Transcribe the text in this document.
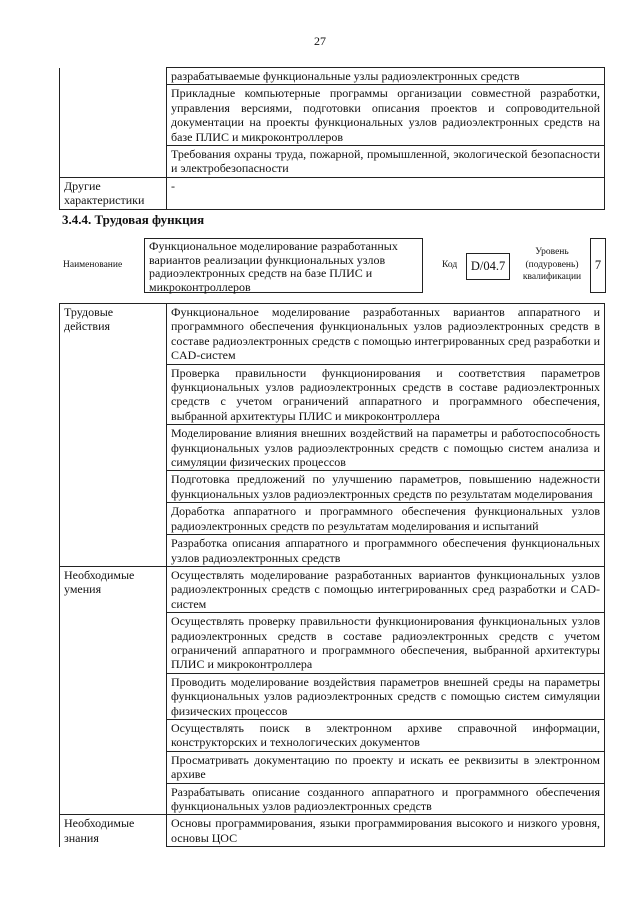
27
	разрабатываемые функциональные узлы радиоэлектронных средств
	Прикладные компьютерные программы организации совместной разработки, управления версиями, подготовки описания проектов и сопроводительной документации на проекты функциональных узлов радиоэлектронных средств на базе ПЛИС и микроконтроллеров
	Требования охраны труда, пожарной, промышленной, экологической безопасности и электробезопасности
Другие характеристики	-
3.4.4. Трудовая функция
Наименование
Функциональное моделирование разработанных вариантов реализации функциональных узлов радиоэлектронных средств на базе ПЛИС и микроконтроллеров
Код	D/04.7
Уровень (подуровень) квалификации
7
Трудовые действия	Функциональное моделирование разработанных вариантов аппаратного и программного обеспечения функциональных узлов радиоэлектронных средств в составе радиоэлектронных средств с помощью интегрированных сред разработки и CAD-систем
	Проверка правильности функционирования и соответствия параметров функциональных узлов радиоэлектронных средств в составе радиоэлектронных средств с учетом ограничений аппаратного и программного обеспечения, выбранной архитектуры ПЛИС и микроконтроллера
	Моделирование влияния внешних воздействий на параметры и работоспособность функциональных узлов радиоэлектронных средств с помощью систем анализа и симуляции физических процессов
	Подготовка предложений по улучшению параметров, повышению надежности функциональных узлов радиоэлектронных средств по результатам моделирования
	Доработка аппаратного и программного обеспечения функциональных узлов радиоэлектронных средств по результатам моделирования и испытаний
	Разработка описания аппаратного и программного обеспечения функциональных узлов радиоэлектронных средств
Необходимые умения	Осуществлять моделирование разработанных вариантов функциональных узлов радиоэлектронных средств с помощью интегрированных сред разработки и CAD-систем
	Осуществлять проверку правильности функционирования функциональных узлов радиоэлектронных средств в составе радиоэлектронных средств с учетом ограничений аппаратного и программного обеспечения, выбранной архитектуры ПЛИС и микроконтроллера
	Проводить моделирование воздействия параметров внешней среды на параметры функциональных узлов радиоэлектронных средств с помощью систем симуляции физических процессов
	Осуществлять поиск в электронном архиве справочной информации, конструкторских и технологических документов
	Просматривать документацию по проекту и искать ее реквизиты в электронном архиве
	Разрабатывать описание созданного аппаратного и программного обеспечения функциональных узлов радиоэлектронных средств
Необходимые знания	Основы программирования, языки программирования высокого и низкого уровня, основы ЦОС
